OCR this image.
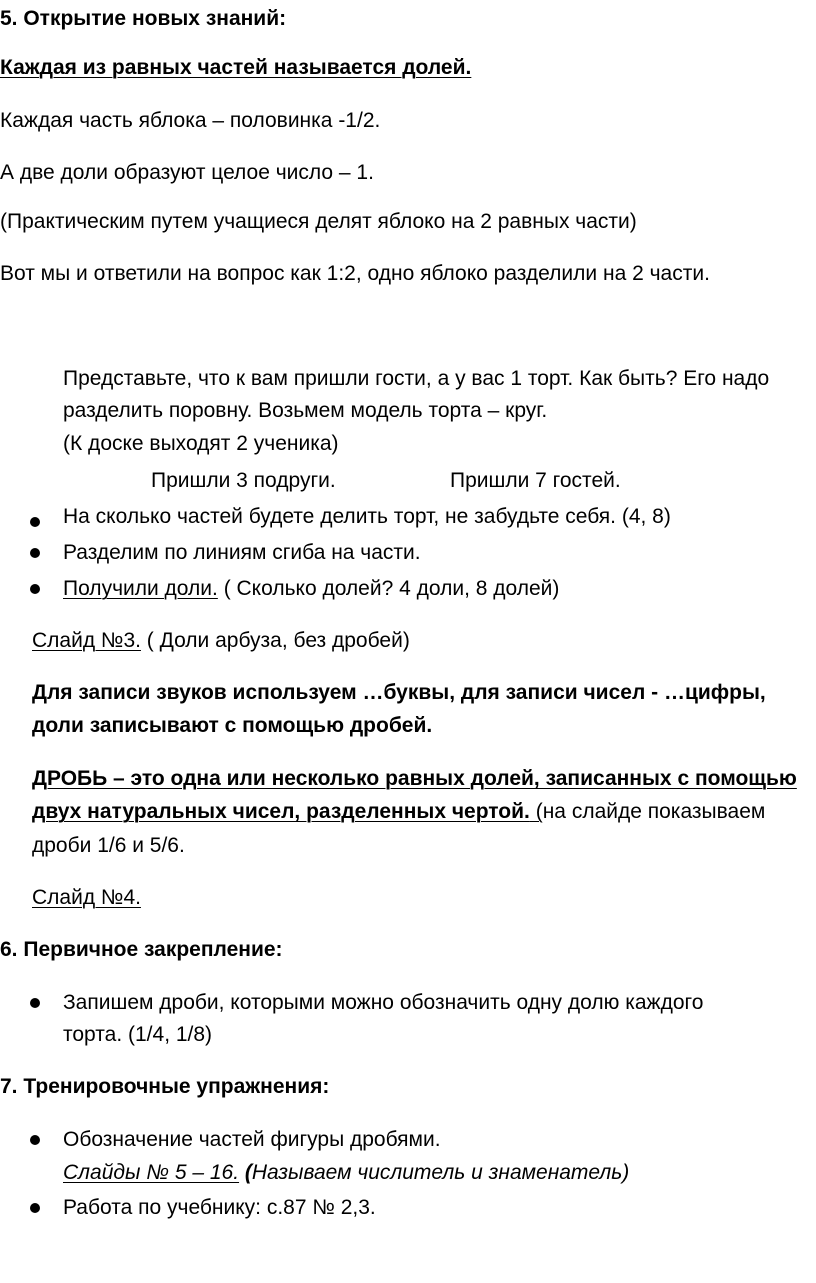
5. Открытие новых знаний:
Каждая из равных частей называется долей.
Каждая часть яблока – половинка -1/2.
А две доли образуют целое число – 1.
(Практическим путем учащиеся делят яблоко на 2 равных части)
Вот мы и ответили на вопрос как 1:2, одно яблоко разделили на 2 части.
Представьте, что к вам пришли гости, а у вас 1 торт. Как быть? Его надо
разделить поровну. Возьмем модель торта – круг.
(К доске выходят 2 ученика)
Пришли 3 подруги.	Пришли 7 гостей.
На сколько частей будете делить торт, не забудьте себя. (4, 8)
Разделим по линиям сгиба на части.
Получили доли. ( Сколько долей? 4 доли, 8 долей)
Слайд №3. ( Доли арбуза, без дробей)
Для записи звуков используем …буквы, для записи чисел - …цифры,
доли записывают с помощью дробей.
ДРОБЬ – это одна или несколько равных долей, записанных с помощью
двух натуральных чисел, разделенных чертой. (на слайде показываем
дроби 1/6 и 5/6.
Слайд №4.
6. Первичное закрепление:
Запишем дроби, которыми можно обозначить одну долю каждого
торта. (1/4, 1/8)
7. Тренировочные упражнения:
Обозначение частей фигуры дробями.
Слайды № 5 – 16. (Называем числитель и знаменатель)
Работа по учебнику: с.87 № 2,3.
